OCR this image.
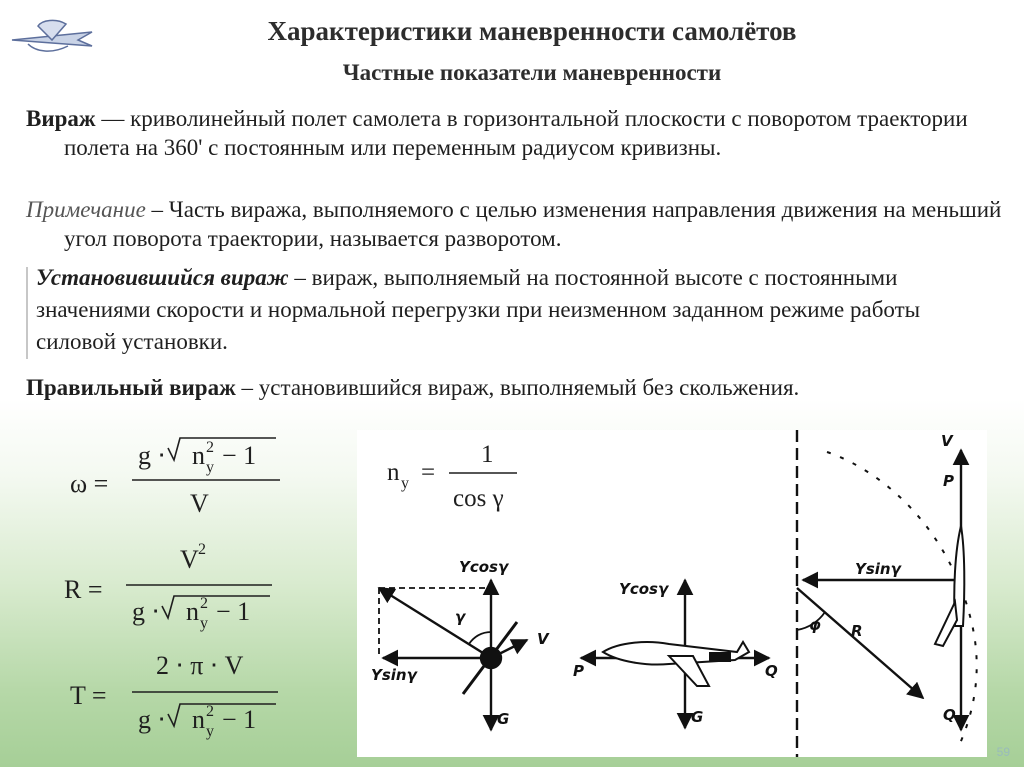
Характеристики маневренности самолётов
Частные показатели маневренности
Вираж — криволинейный полет самолета в горизонтальной плоскости с поворотом траектории полета на 360' с постоянным или переменным радиусом кривизны.
Примечание – Часть виража, выполняемого с целью изменения направления движения на меньший угол поворота траектории, называется разворотом.
Установившийся вираж – вираж, выполняемый на постоянной высоте с постоянными значениями скорости и нормальной перегрузки при неизменном заданном режиме работы силовой установки.
Правильный вираж – установившийся вираж, выполняемый без скольжения.
ω =
g ⋅ n 2
y − 1
V
R =
V 2
g ⋅ n 2
y − 1
T =
2 ⋅ π ⋅ V
g ⋅ n 2
y − 1
n y =
1
cos γ
Ycosγ
γ
Ysinγ
V
G
Ycosγ
P	Q
G
V
P
Ysinγ
φ R
Q
59
